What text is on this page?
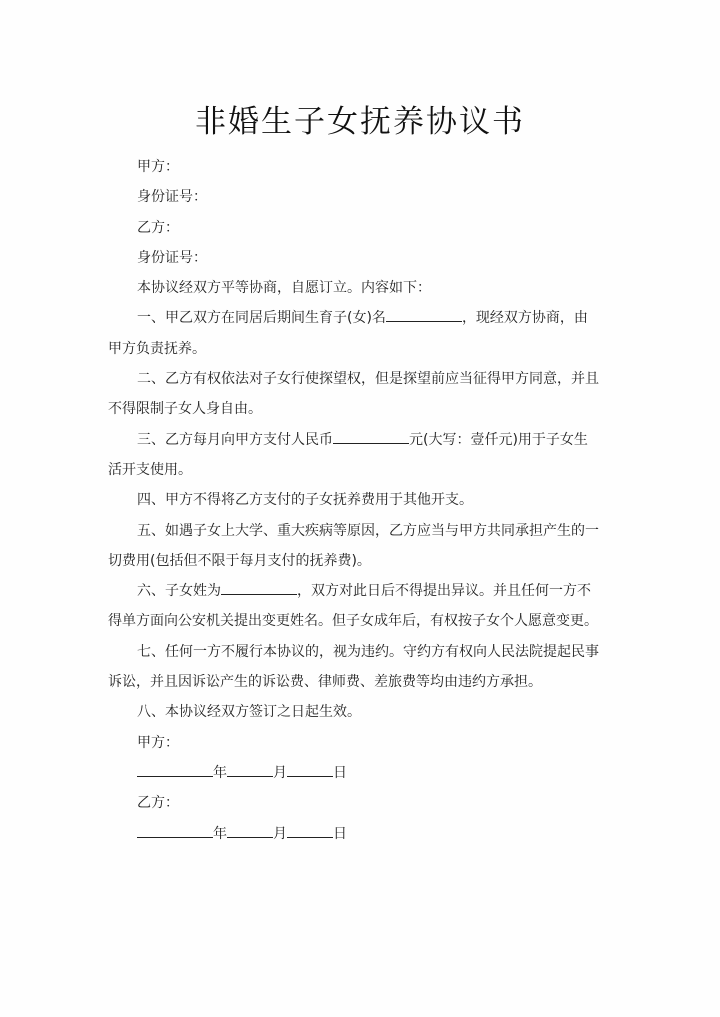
非婚生子女抚养协议书
甲方：
身份证号：
乙方：
身份证号：
本协议经双方平等协商，自愿订立。内容如下：
一、甲乙双方在同居后期间生育子(女)名	，现经双方协商，由
甲方负责抚养。
二、乙方有权依法对子女行使探望权，但是探望前应当征得甲方同意，并且
不得限制子女人身自由。
三、乙方每月向甲方支付人民币	元(大写：壹仟元)用于子女生
活开支使用。
四、甲方不得将乙方支付的子女抚养费用于其他开支。
五、如遇子女上大学、重大疾病等原因，乙方应当与甲方共同承担产生的一
切费用(包括但不限于每月支付的抚养费)。
六、子女姓为	，双方对此日后不得提出异议。并且任何一方不
得单方面向公安机关提出变更姓名。但子女成年后，有权按子女个人愿意变更。
七、任何一方不履行本协议的，视为违约。守约方有权向人民法院提起民事
诉讼，并且因诉讼产生的诉讼费、律师费、差旅费等均由违约方承担。
八、本协议经双方签订之日起生效。
甲方：
年	月	日
乙方：
年	月	日
